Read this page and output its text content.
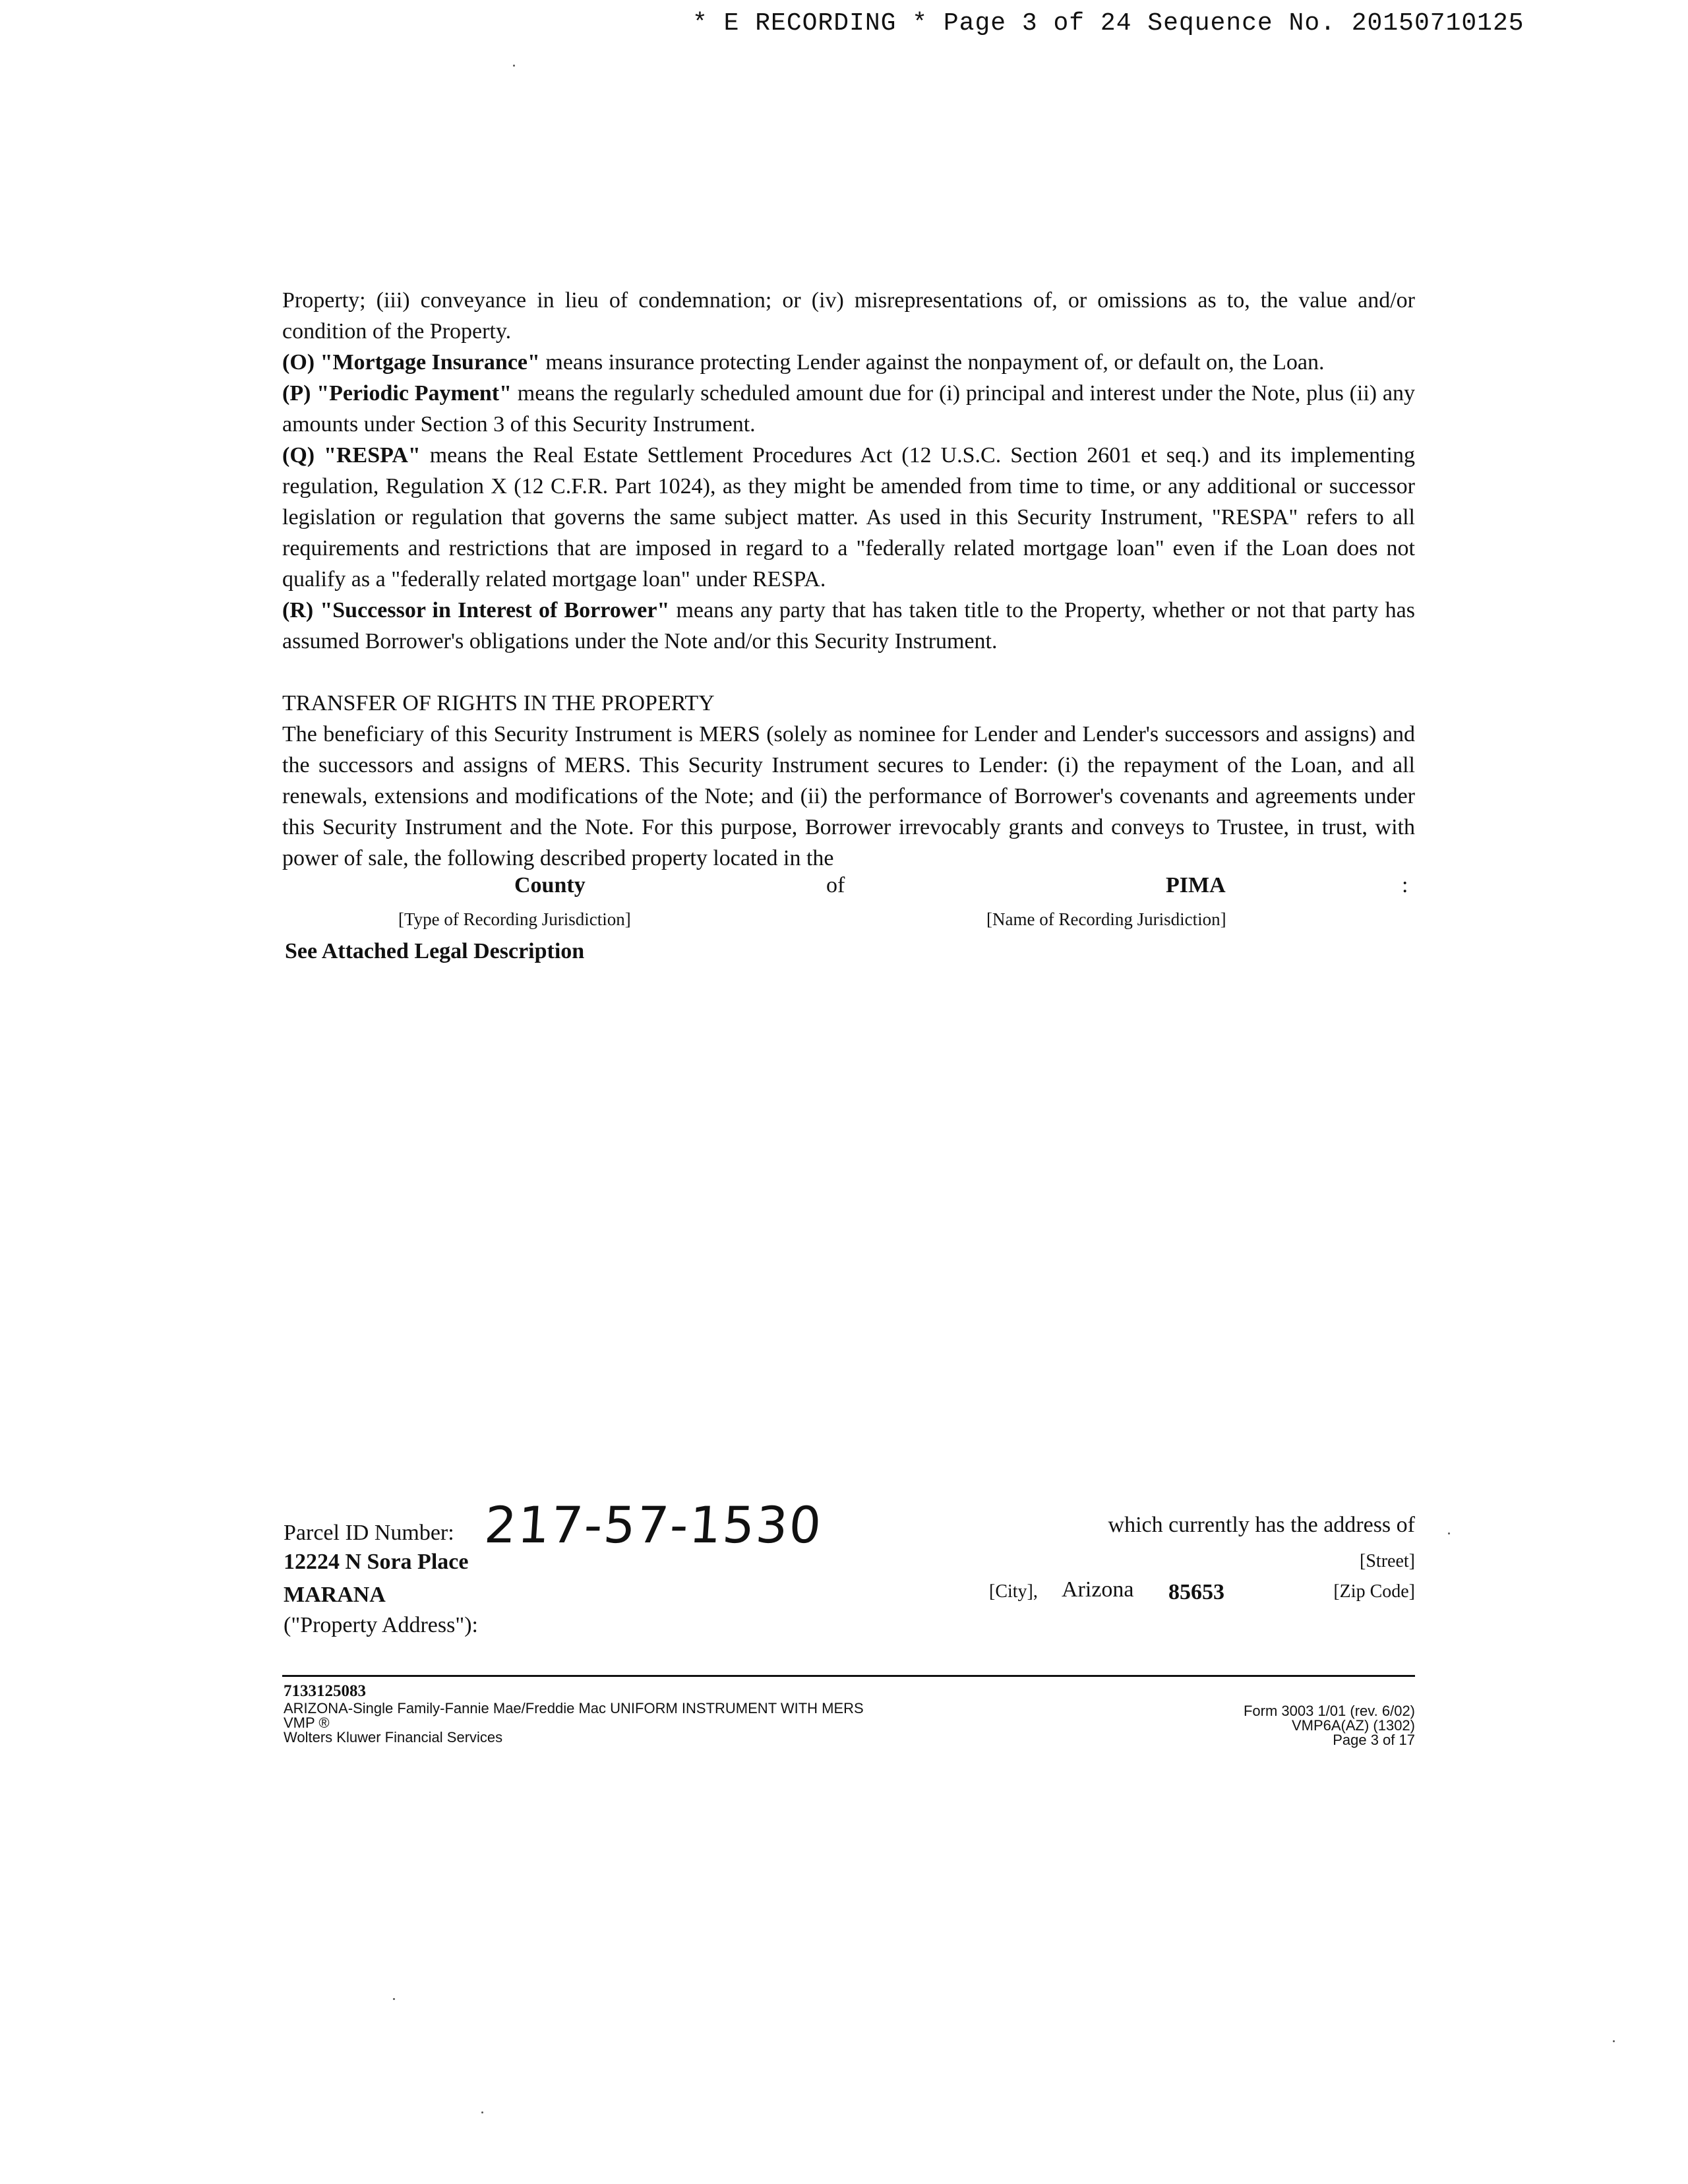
* E RECORDING * Page 3 of 24 Sequence No. 20150710125

Property; (iii) conveyance in lieu of condemnation; or (iv) misrepresentations of, or omissions as to, the value and/or condition of the Property.

(O) "Mortgage Insurance" means insurance protecting Lender against the nonpayment of, or default on, the Loan.

(P) "Periodic Payment" means the regularly scheduled amount due for (i) principal and interest under the Note, plus (ii) any amounts under Section 3 of this Security Instrument.

(Q) "RESPA" means the Real Estate Settlement Procedures Act (12 U.S.C. Section 2601 et seq.) and its implementing regulation, Regulation X (12 C.F.R. Part 1024), as they might be amended from time to time, or any additional or successor legislation or regulation that governs the same subject matter. As used in this Security Instrument, "RESPA" refers to all requirements and restrictions that are imposed in regard to a "federally related mortgage loan" even if the Loan does not qualify as a "federally related mortgage loan" under RESPA.

(R) "Successor in Interest of Borrower" means any party that has taken title to the Property, whether or not that party has assumed Borrower's obligations under the Note and/or this Security Instrument.

TRANSFER OF RIGHTS IN THE PROPERTY

The beneficiary of this Security Instrument is MERS (solely as nominee for Lender and Lender's successors and assigns) and the successors and assigns of MERS. This Security Instrument secures to Lender: (i) the repayment of the Loan, and all renewals, extensions and modifications of the Note; and (ii) the performance of Borrower's covenants and agreements under this Security Instrument and the Note. For this purpose, Borrower irrevocably grants and conveys to Trustee, in trust, with power of sale, the following described property located in the

County	of	PIMA	:
[Type of Recording Jurisdiction]	[Name of Recording Jurisdiction]

See Attached Legal Description

Parcel ID Number: 217-57-1530	which currently has the address of
12224 N Sora Place	[Street]
MARANA	[City], Arizona 85653	[Zip Code]
("Property Address"):
7133125083
ARIZONA-Single Family-Fannie Mae/Freddie Mac UNIFORM INSTRUMENT WITH MERS
VMP ®
Wolters Kluwer Financial Services
Form 3003 1/01 (rev. 6/02)
VMP6A(AZ) (1302)
Page 3 of 17
